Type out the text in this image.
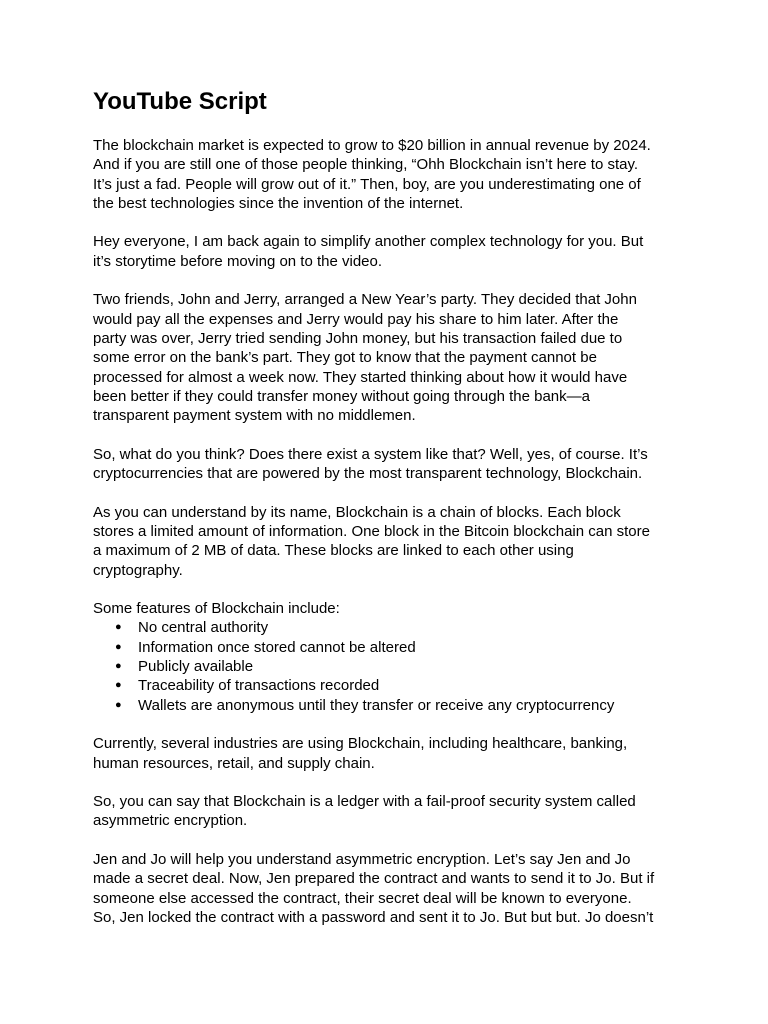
YouTube Script

The blockchain market is expected to grow to $20 billion in annual revenue by 2024.
And if you are still one of those people thinking, “Ohh Blockchain isn’t here to stay.
It’s just a fad. People will grow out of it.” Then, boy, are you underestimating one of
the best technologies since the invention of the internet.

Hey everyone, I am back again to simplify another complex technology for you. But
it’s storytime before moving on to the video.

Two friends, John and Jerry, arranged a New Year’s party. They decided that John
would pay all the expenses and Jerry would pay his share to him later. After the
party was over, Jerry tried sending John money, but his transaction failed due to
some error on the bank’s part. They got to know that the payment cannot be
processed for almost a week now. They started thinking about how it would have
been better if they could transfer money without going through the bank—a
transparent payment system with no middlemen.

So, what do you think? Does there exist a system like that? Well, yes, of course. It’s
cryptocurrencies that are powered by the most transparent technology, Blockchain.

As you can understand by its name, Blockchain is a chain of blocks. Each block
stores a limited amount of information. One block in the Bitcoin blockchain can store
a maximum of 2 MB of data. These blocks are linked to each other using
cryptography.

Some features of Blockchain include:

● No central authority
● Information once stored cannot be altered
● Publicly available
● Traceability of transactions recorded
● Wallets are anonymous until they transfer or receive any cryptocurrency

Currently, several industries are using Blockchain, including healthcare, banking,
human resources, retail, and supply chain.

So, you can say that Blockchain is a ledger with a fail-proof security system called
asymmetric encryption.

Jen and Jo will help you understand asymmetric encryption. Let’s say Jen and Jo
made a secret deal. Now, Jen prepared the contract and wants to send it to Jo. But if
someone else accessed the contract, their secret deal will be known to everyone.
So, Jen locked the contract with a password and sent it to Jo. But but but. Jo doesn’t
